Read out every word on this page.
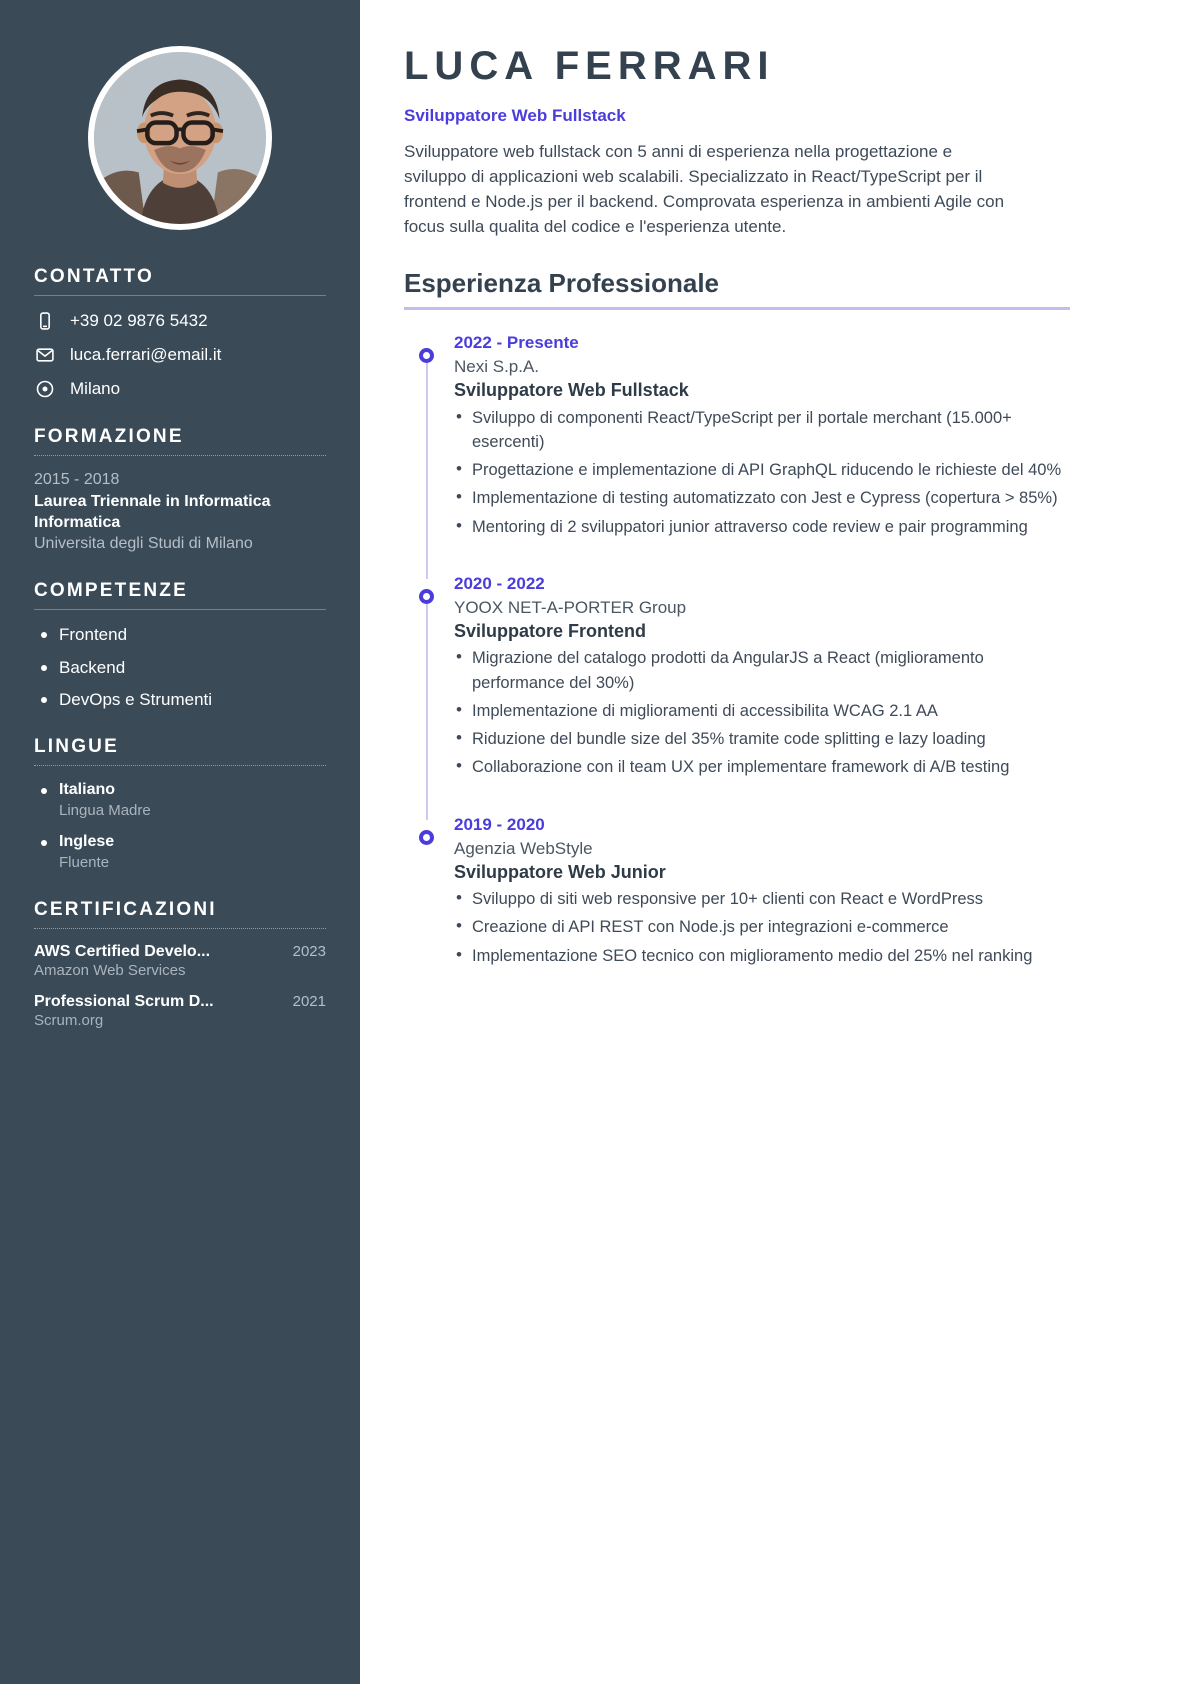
CONTATTO
+39 02 9876 5432
luca.ferrari@email.it
Milano
FORMAZIONE
2015 - 2018
Laurea Triennale in Informatica Informatica
Universita degli Studi di Milano
COMPETENZE
Frontend
Backend
DevOps e Strumenti
LINGUE
Italiano
Lingua Madre
Inglese
Fluente
CERTIFICAZIONI
AWS Certified Develo...	2023
Amazon Web Services
Professional Scrum D...	2021
Scrum.org
LUCA FERRARI
Sviluppatore Web Fullstack

Sviluppatore web fullstack con 5 anni di esperienza nella progettazione e sviluppo di applicazioni web scalabili. Specializzato in React/TypeScript per il frontend e Node.js per il backend. Comprovata esperienza in ambienti Agile con focus sulla qualita del codice e l'esperienza utente.

Esperienza Professionale
2022 - Presente
Nexi S.p.A.
Sviluppatore Web Fullstack
• Sviluppo di componenti React/TypeScript per il portale merchant (15.000+ esercenti)
• Progettazione e implementazione di API GraphQL riducendo le richieste del 40%
• Implementazione di testing automatizzato con Jest e Cypress (copertura > 85%)
• Mentoring di 2 sviluppatori junior attraverso code review e pair programming
2020 - 2022
YOOX NET-A-PORTER Group
Sviluppatore Frontend
• Migrazione del catalogo prodotti da AngularJS a React (miglioramento performance del 30%)
• Implementazione di miglioramenti di accessibilita WCAG 2.1 AA
• Riduzione del bundle size del 35% tramite code splitting e lazy loading
• Collaborazione con il team UX per implementare framework di A/B testing
2019 - 2020
Agenzia WebStyle
Sviluppatore Web Junior
• Sviluppo di siti web responsive per 10+ clienti con React e WordPress
• Creazione di API REST con Node.js per integrazioni e-commerce
• Implementazione SEO tecnico con miglioramento medio del 25% nel ranking
